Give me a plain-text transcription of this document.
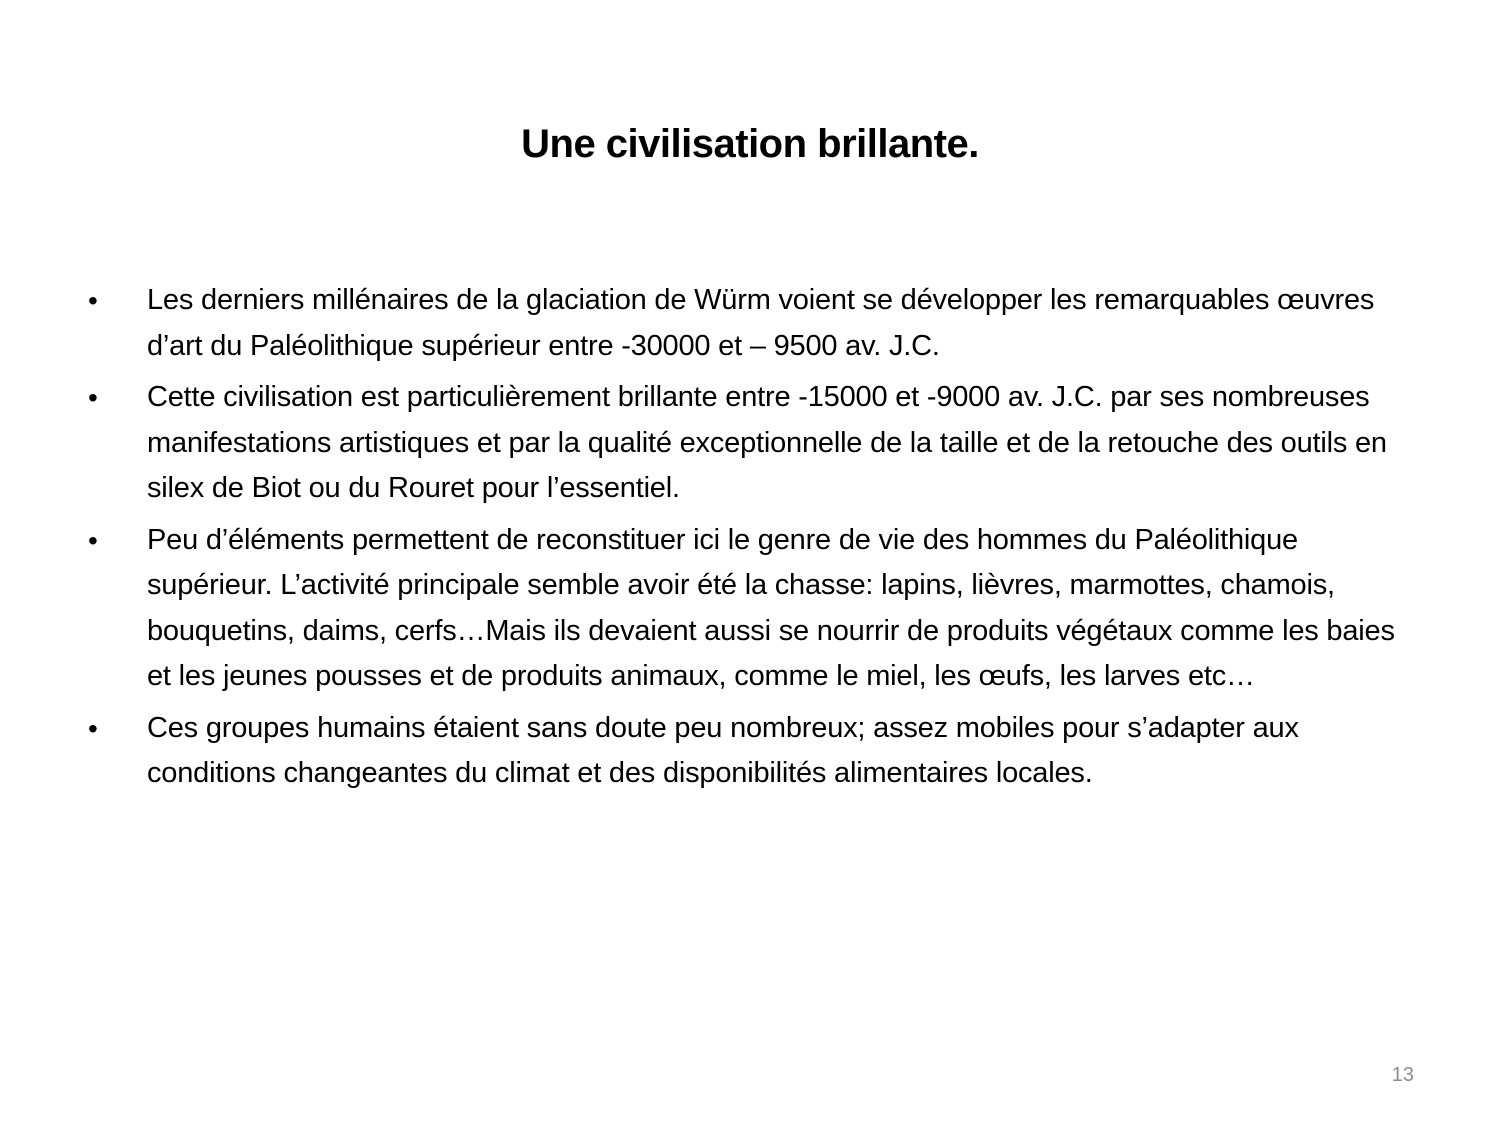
Une civilisation brillante.
•	Les derniers millénaires de la glaciation de Würm voient se développer les remarquables œuvres d’art du Paléolithique supérieur entre -30000 et – 9500 av. J.C.
•	Cette civilisation est particulièrement brillante entre -15000 et -9000 av. J.C. par ses nombreuses manifestations artistiques et par la qualité exceptionnelle de la taille et de la retouche des outils en silex de Biot ou du Rouret pour l’essentiel.
•	Peu d’éléments permettent de reconstituer ici le genre de vie des hommes du Paléolithique supérieur. L’activité principale semble avoir été la chasse: lapins, lièvres, marmottes, chamois, bouquetins, daims, cerfs…Mais ils devaient aussi se nourrir de produits végétaux comme les baies et les jeunes pousses et de produits animaux, comme le miel, les œufs, les larves etc…
•	Ces groupes humains étaient sans doute peu nombreux; assez mobiles pour s’adapter aux conditions changeantes du climat et des disponibilités alimentaires locales.
13
